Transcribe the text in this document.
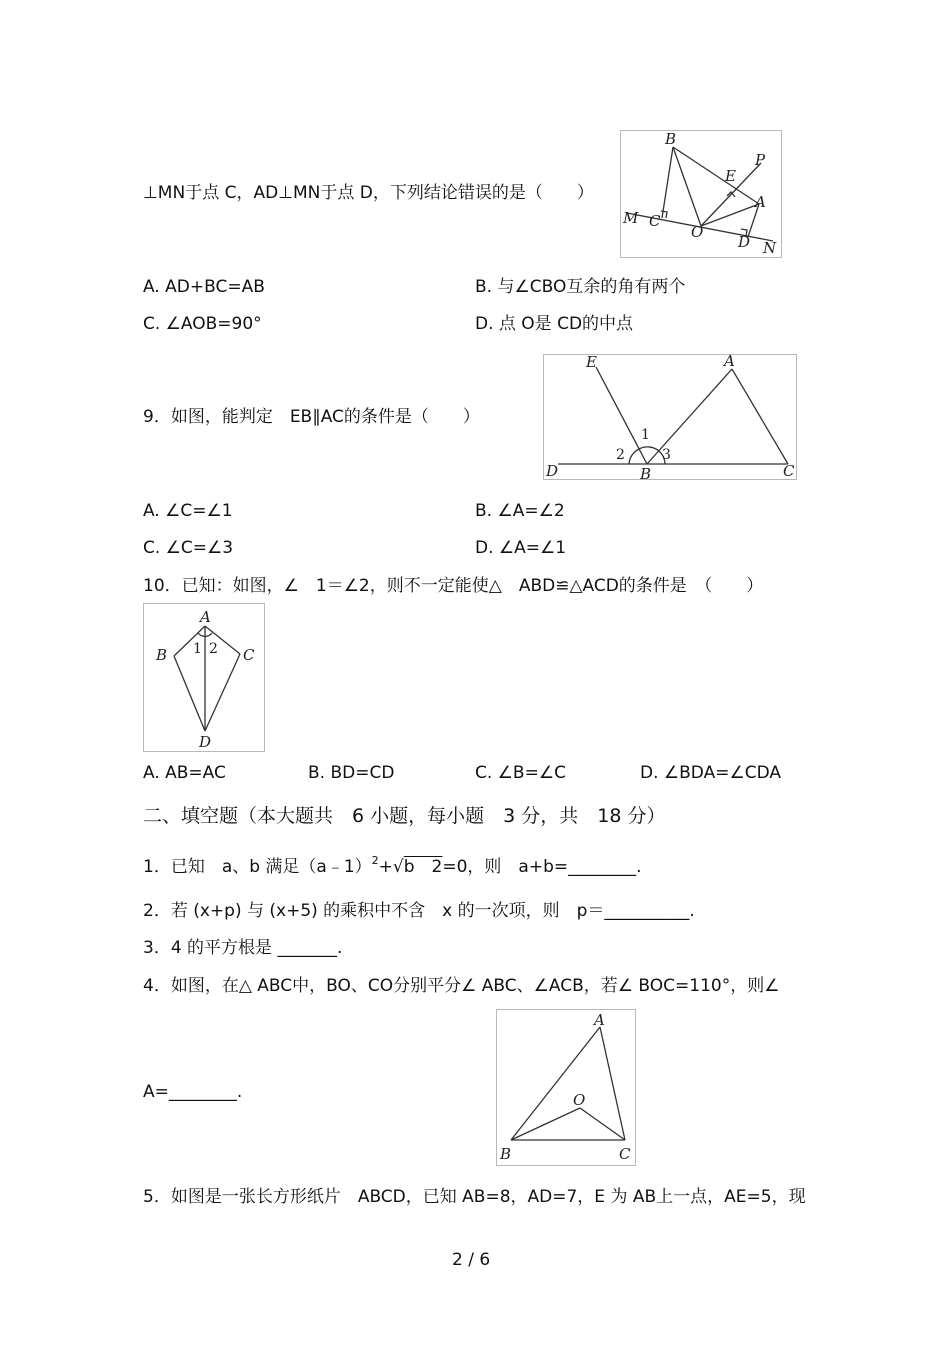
⊥MN于点 C，AD⊥MN于点 D，下列结论错误的是（　　）
B
E
P
A
M C
O
D N
A. AD+BC=AB	B. 与∠CBO互余的角有两个
C. ∠AOB=90°	D. 点 O是 CD的中点
9．如图，能判定　EB∥AC的条件是（　　）
E	A
D	B	C
1
2	3
A. ∠C=∠1	B. ∠A=∠2
C. ∠C=∠3	D. ∠A=∠1
10．已知：如图，∠　1＝∠2，则不一定能使△　ABD≌△ACD的条件是　（　　）
A
B	C
D
1 2
A. AB=AC	B. BD=CD	C. ∠B=∠C	D. ∠BDA=∠CDA
二、填空题（本大题共　6 小题，每小题　3 分，共　18 分）
1．已知　a、b 满足（a﹣1）$^2$+√b　2=0，则　a+b=________.
2．若 (x+p) 与 (x+5) 的乘积中不含　x 的一次项，则　p＝__________.
3．4 的平方根是 _______.
4．如图，在△ ABC中，BO、CO分别平分∠ ABC、∠ACB，若∠ BOC=110°，则∠
A
O
B	C
A=________.
5．如图是一张长方形纸片　ABCD，已知 AB=8，AD=7，E 为 AB上一点，AE=5，现
2 / 6
